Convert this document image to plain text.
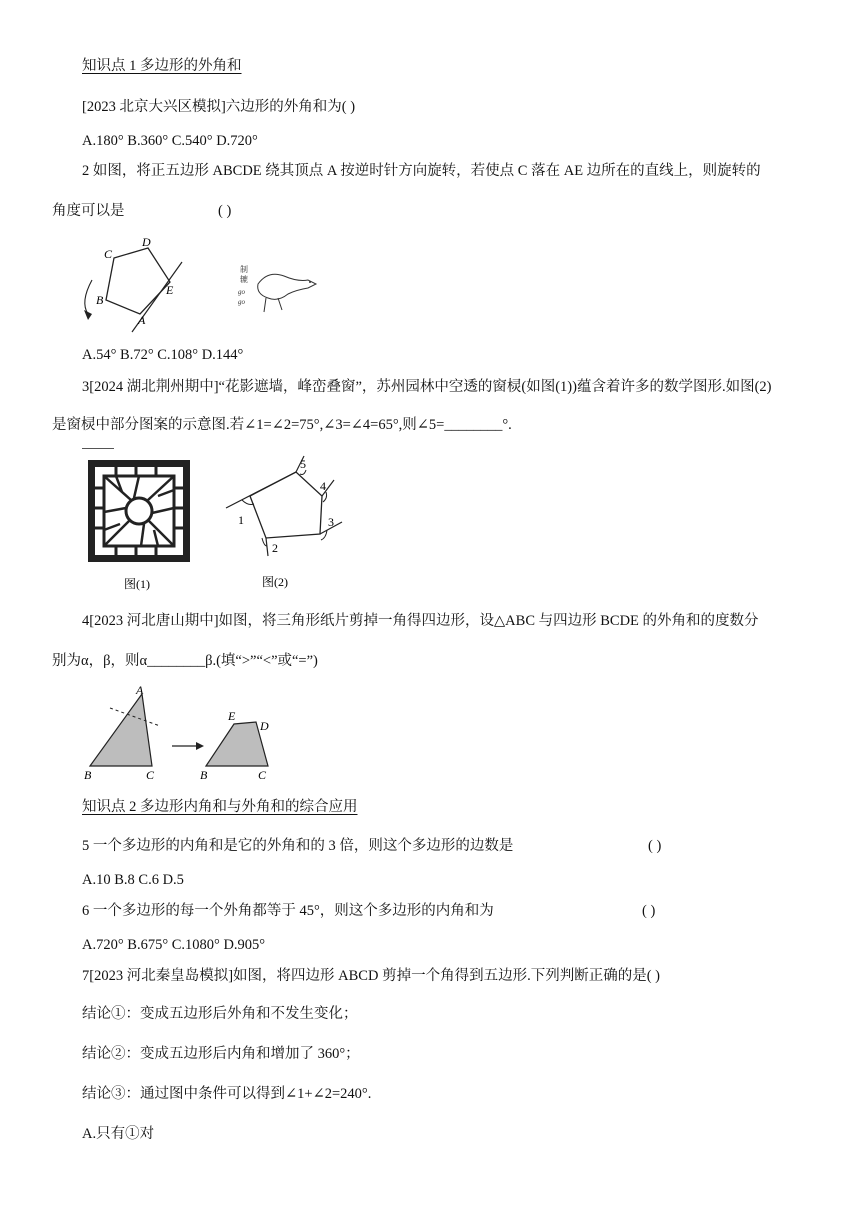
知识点 1 多边形的外角和
[2023 北京大兴区模拟]六边形的外角和为( )
A.180° B.360° C.540° D.720°
2 如图，将正五边形 ABCDE 绕其顶点 A 按逆时针方向旋转，若使点 C 落在 AE 边所在的直线上，则旋转的
角度可以是	( )
C
D
B
E
A
制
辘
go
go
A.54° B.72° C.108° D.144°
3[2024 湖北荆州期中]“花影遮墙，峰峦叠窗”，苏州园林中空透的窗棂(如图(1))蕴含着许多的数学图形.如图(2)
是窗棂中部分图案的示意图.若∠1=∠2=75°,∠3=∠4=65°,则∠5=________°.
图(1)
1
2
3
4
5
图(2)
4[2023 河北唐山期中]如图，将三角形纸片剪掉一角得四边形，设△ABC 与四边形 BCDE 的外角和的度数分
别为α，β，则α________β.(填“>”“<”或“=”)
A
B	C
E
D
B	C
知识点 2 多边形内角和与外角和的综合应用
5 一个多边形的内角和是它的外角和的 3 倍，则这个多边形的边数是	( )
A.10 B.8 C.6 D.5
6 一个多边形的每一个外角都等于 45°，则这个多边形的内角和为	( )
A.720° B.675° C.1080° D.905°
7[2023 河北秦皇岛模拟]如图，将四边形 ABCD 剪掉一个角得到五边形.下列判断正确的是( )
结论①：变成五边形后外角和不发生变化；
结论②：变成五边形后内角和增加了 360°；
结论③：通过图中条件可以得到∠1+∠2=240°.
A.只有①对
